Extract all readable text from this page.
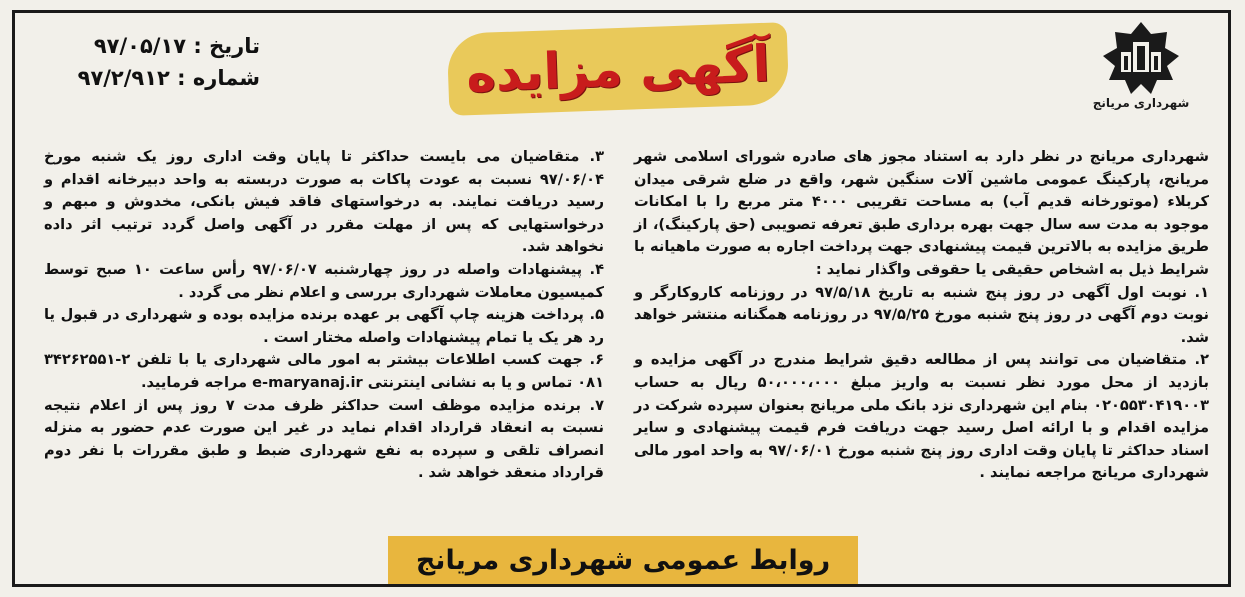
شهرداری مریانج
آگهی مزایده
تاریخ : ۹۷/۰۵/۱۷
شماره : ۹۷/۲/۹۱۲

شهرداری مریانج در نظر دارد به استناد مجوز های صادره شورای اسلامی شهر مریانج، پارکینگ عمومی ماشین آلات سنگین شهر، واقع در ضلع شرقی میدان کربلاء (موتورخانه قدیم آب) به مساحت تقریبی ۴۰۰۰ متر مربع را با امکانات موجود به مدت سه سال جهت بهره برداری طبق تعرفه تصویبی (حق پارکینگ)، از طریق مزایده به بالاترین قیمت پیشنهادی جهت پرداخت اجاره به صورت ماهیانه با شرایط ذیل به اشخاص حقیقی یا حقوقی واگذار نماید :

۱. نوبت اول آگهی در روز پنج شنبه به تاریخ ۹۷/۵/۱۸ در روزنامه کاروکارگر و نوبت دوم آگهی در روز پنج شنبه مورخ ۹۷/۵/۲۵ در روزنامه همگنانه منتشر خواهد شد.

۲. متقاضیان می توانند پس از مطالعه دقیق شرایط مندرج در آگهی مزایده و بازدید از محل مورد نظر نسبت به واریز مبلغ ۵۰،۰۰۰،۰۰۰ ریال به حساب ۰۲۰۵۵۳۰۴۱۹۰۰۳ بنام این شهرداری نزد بانک ملی مریانج بعنوان سپرده شرکت در مزایده اقدام و با ارائه اصل رسید جهت دریافت فرم قیمت پیشنهادی و سایر اسناد حداکثر تا پایان وقت اداری روز پنج شنبه مورخ ۹۷/۰۶/۰۱ به واحد امور مالی شهرداری مریانج مراجعه نمایند .

۳. متقاضیان می بایست حداکثر تا پایان وقت اداری روز یک شنبه مورخ ۹۷/۰۶/۰۴ نسبت به عودت پاکات به صورت دربسته به واحد دبیرخانه اقدام و رسید دریافت نمایند. به درخواستهای فاقد فیش بانکی، مخدوش و مبهم و درخواستهایی که پس از مهلت مقرر در آگهی واصل گردد ترتیب اثر داده نخواهد شد.

۴. پیشنهادات واصله در روز چهارشنبه ۹۷/۰۶/۰۷ رأس ساعت ۱۰ صبح توسط کمیسیون معاملات شهرداری بررسی و اعلام نظر می گردد .

۵. پرداخت هزینه چاپ آگهی بر عهده برنده مزایده بوده و شهرداری در قبول یا رد هر یک یا تمام پیشنهادات واصله مختار است .

۶. جهت کسب اطلاعات بیشتر به امور مالی شهرداری یا با تلفن ۲-۳۴۲۶۲۵۵۱ ۰۸۱ تماس و یا به نشانی اینترنتی e-maryanaj.ir مراجه فرمایید.

۷. برنده مزایده موظف است حداکثر ظرف مدت ۷ روز پس از اعلام نتیجه نسبت به انعقاد قرارداد اقدام نماید در غیر این صورت عدم حضور به منزله انصراف تلقی و سپرده به نفع شهرداری ضبط و طبق مقررات با نفر دوم قرارداد منعقد خواهد شد .

روابط عمومی شهرداری مریانج
